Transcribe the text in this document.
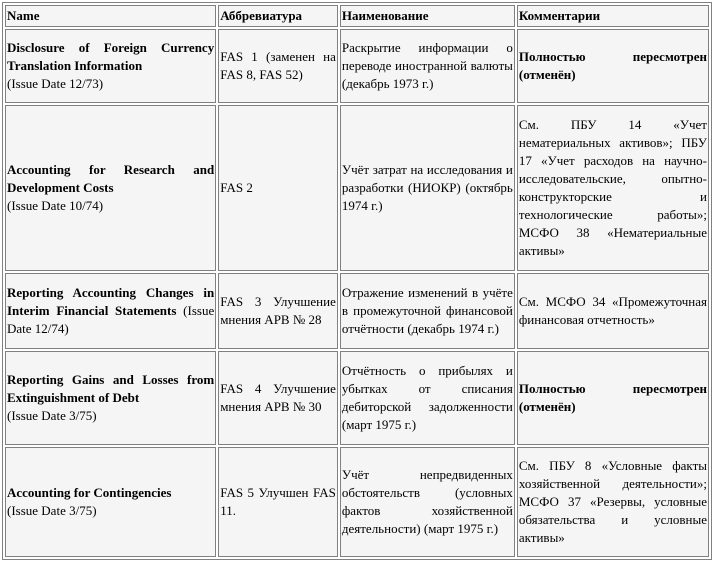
Name	Аббревиатура	Наименование	Комментарии
Disclosure of Foreign Currency Translation Information
(Issue Date 12/73)	FAS 1 (заменен на FAS 8, FAS 52)	Раскрытие информации о переводе иностранной валюты (декабрь 1973 г.)	Полностью пересмотрен (отменён)
Accounting for Research and Development Costs
(Issue Date 10/74)	FAS 2	Учёт затрат на исследования и разработки (НИОКР) (октябрь 1974 г.)	См. ПБУ 14 «Учет нематериальных активов»; ПБУ 17 «Учет расходов на научно-исследовательские, опытно-конструкторские и технологические работы»; МСФО 38 «Нематериальные активы»
Reporting Accounting Changes in Interim Financial Statements (Issue Date 12/74)	FAS 3 Улучшение мнения APB № 28	Отражение изменений в учёте в промежуточной финансовой отчётности (декабрь 1974 г.)	См. МСФО 34 «Промежуточная финансовая отчетность»
Reporting Gains and Losses from Extinguishment of Debt
(Issue Date 3/75)	FAS 4 Улучшение мнения APB № 30	Отчётность о прибылях и убытках от списания дебиторской задолженности (март 1975 г.)	Полностью пересмотрен (отменён)
Accounting for Contingencies
(Issue Date 3/75)	FAS 5 Улучшен FAS 11.	Учёт непредвиденных обстоятельств (условных фактов хозяйственной деятельности) (март 1975 г.)	См. ПБУ 8 «Условные факты хозяйственной деятельности»; МСФО 37 «Резервы, условные обязательства и условные активы»
